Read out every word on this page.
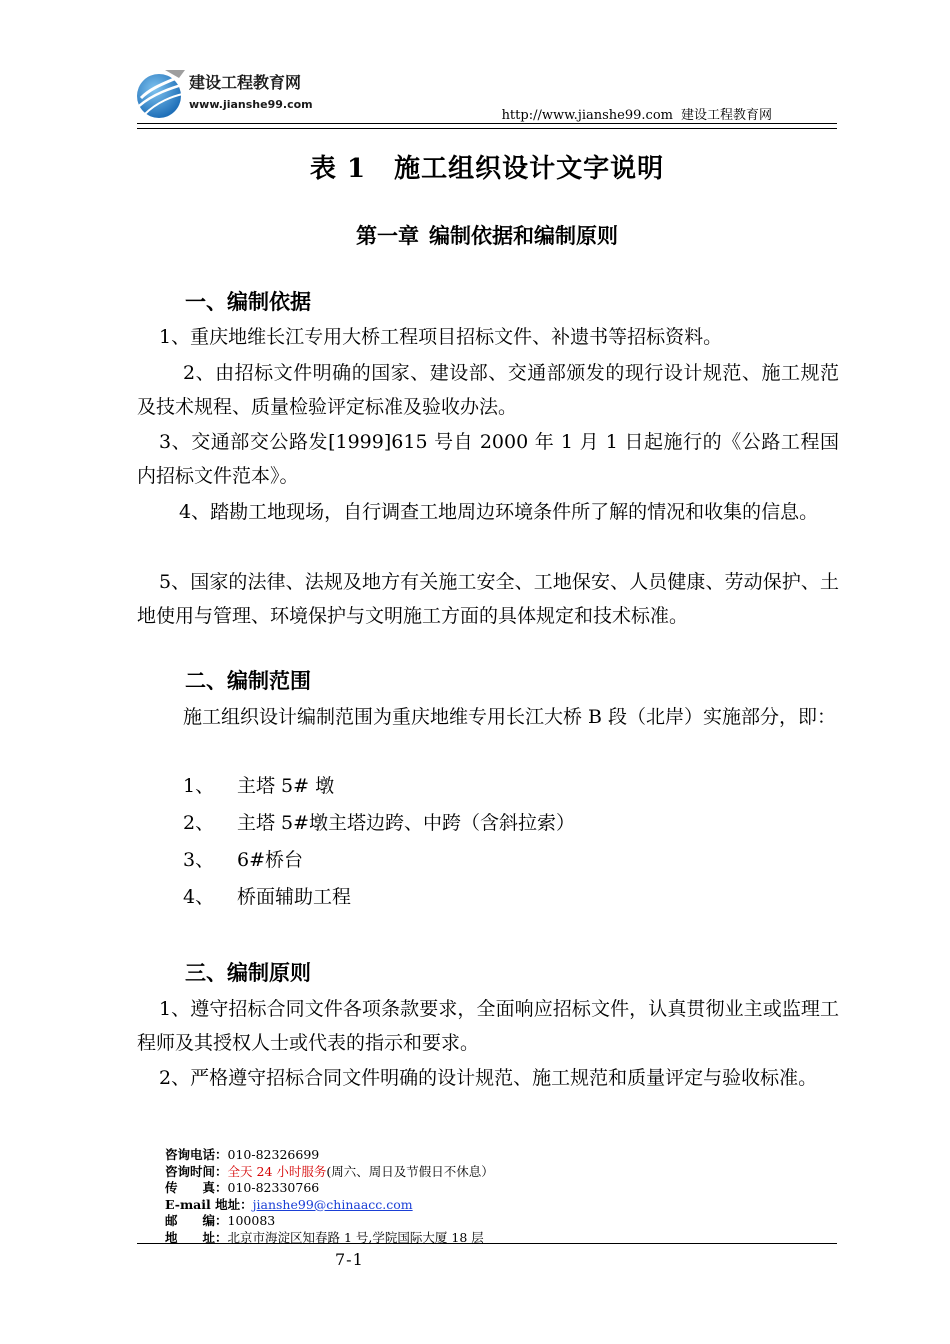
建设工程教育网
www.jianshe99.com
http://www.jianshe99.com 建设工程教育网
表 1 施工组织设计文字说明
第一章 编制依据和编制原则
一、编制依据
1、重庆地维长江专用大桥工程项目招标文件、补遗书等招标资料。
2、由招标文件明确的国家、建设部、交通部颁发的现行设计规范、施工规范及技术规程、质量检验评定标准及验收办法。
3、交通部交公路发[1999]615 号自 2000 年 1 月 1 日起施行的《公路工程国内招标文件范本》。
4、踏勘工地现场，自行调查工地周边环境条件所了解的情况和收集的信息。
5、国家的法律、法规及地方有关施工安全、工地保安、人员健康、劳动保护、土地使用与管理、环境保护与文明施工方面的具体规定和技术标准。
二、编制范围
施工组织设计编制范围为重庆地维专用长江大桥 B 段（北岸）实施部分，即：
1、 主塔 5# 墩
2、 主塔 5#墩主塔边跨、中跨（含斜拉索）
3、 6#桥台
4、 桥面辅助工程
三、编制原则
1、遵守招标合同文件各项条款要求，全面响应招标文件，认真贯彻业主或监理工程师及其授权人士或代表的指示和要求。
2、严格遵守招标合同文件明确的设计规范、施工规范和质量评定与验收标准。
咨询电话：010-82326699
咨询时间：全天 24 小时服务(周六、周日及节假日不休息）
传　　真：010-82330766
E-mail 地址：jianshe99@chinaacc.com
邮　　编：100083
地　　址：北京市海淀区知春路 1 号,学院国际大厦 18 层
7-1
